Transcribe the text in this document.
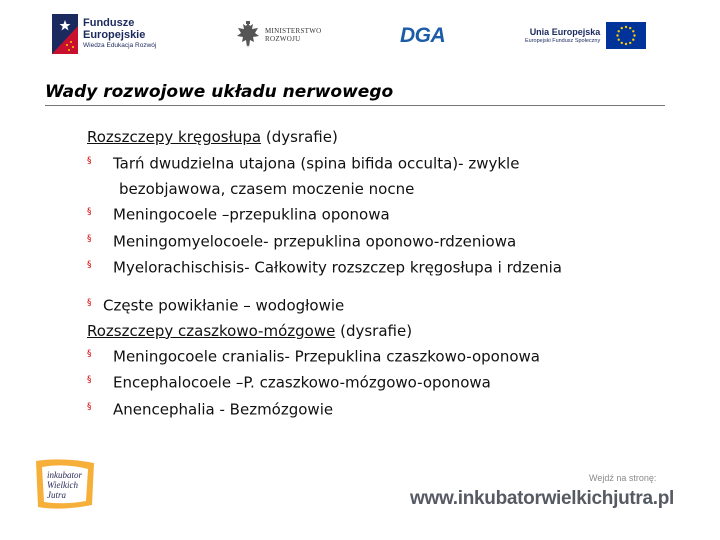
Fundusze
Europejskie
Wiedza Edukacja Rozwój
MINISTERSTWO
ROZWOJU	DGA	Unia Europejska
Europejski Fundusz Społeczny
Wady rozwojowe układu nerwowego
Rozszczepy kręgosłupa (dysrafie)
§ Tarń dwudzielna utajona (spina bifida occulta)- zwykle
bezobjawowa, czasem moczenie nocne
§ Meningocoele –przepuklina oponowa
§ Meningomyelocoele- przepuklina oponowo-rdzeniowa
§ Myelorachischisis- Całkowity rozszczep kręgosłupa i rdzenia
§ Częste powikłanie – wodogłowie
Rozszczepy czaszkowo-mózgowe (dysrafie)
§ Meningocoele cranialis- Przepuklina czaszkowo-oponowa
§ Encephalocoele –P. czaszkowo-mózgowo-oponowa
§ Anencephalia - Bezmózgowie
inkubator
Wielkich
Jutra
Wejdź na stronę:
www.inkubatorwielkichjutra.pl
